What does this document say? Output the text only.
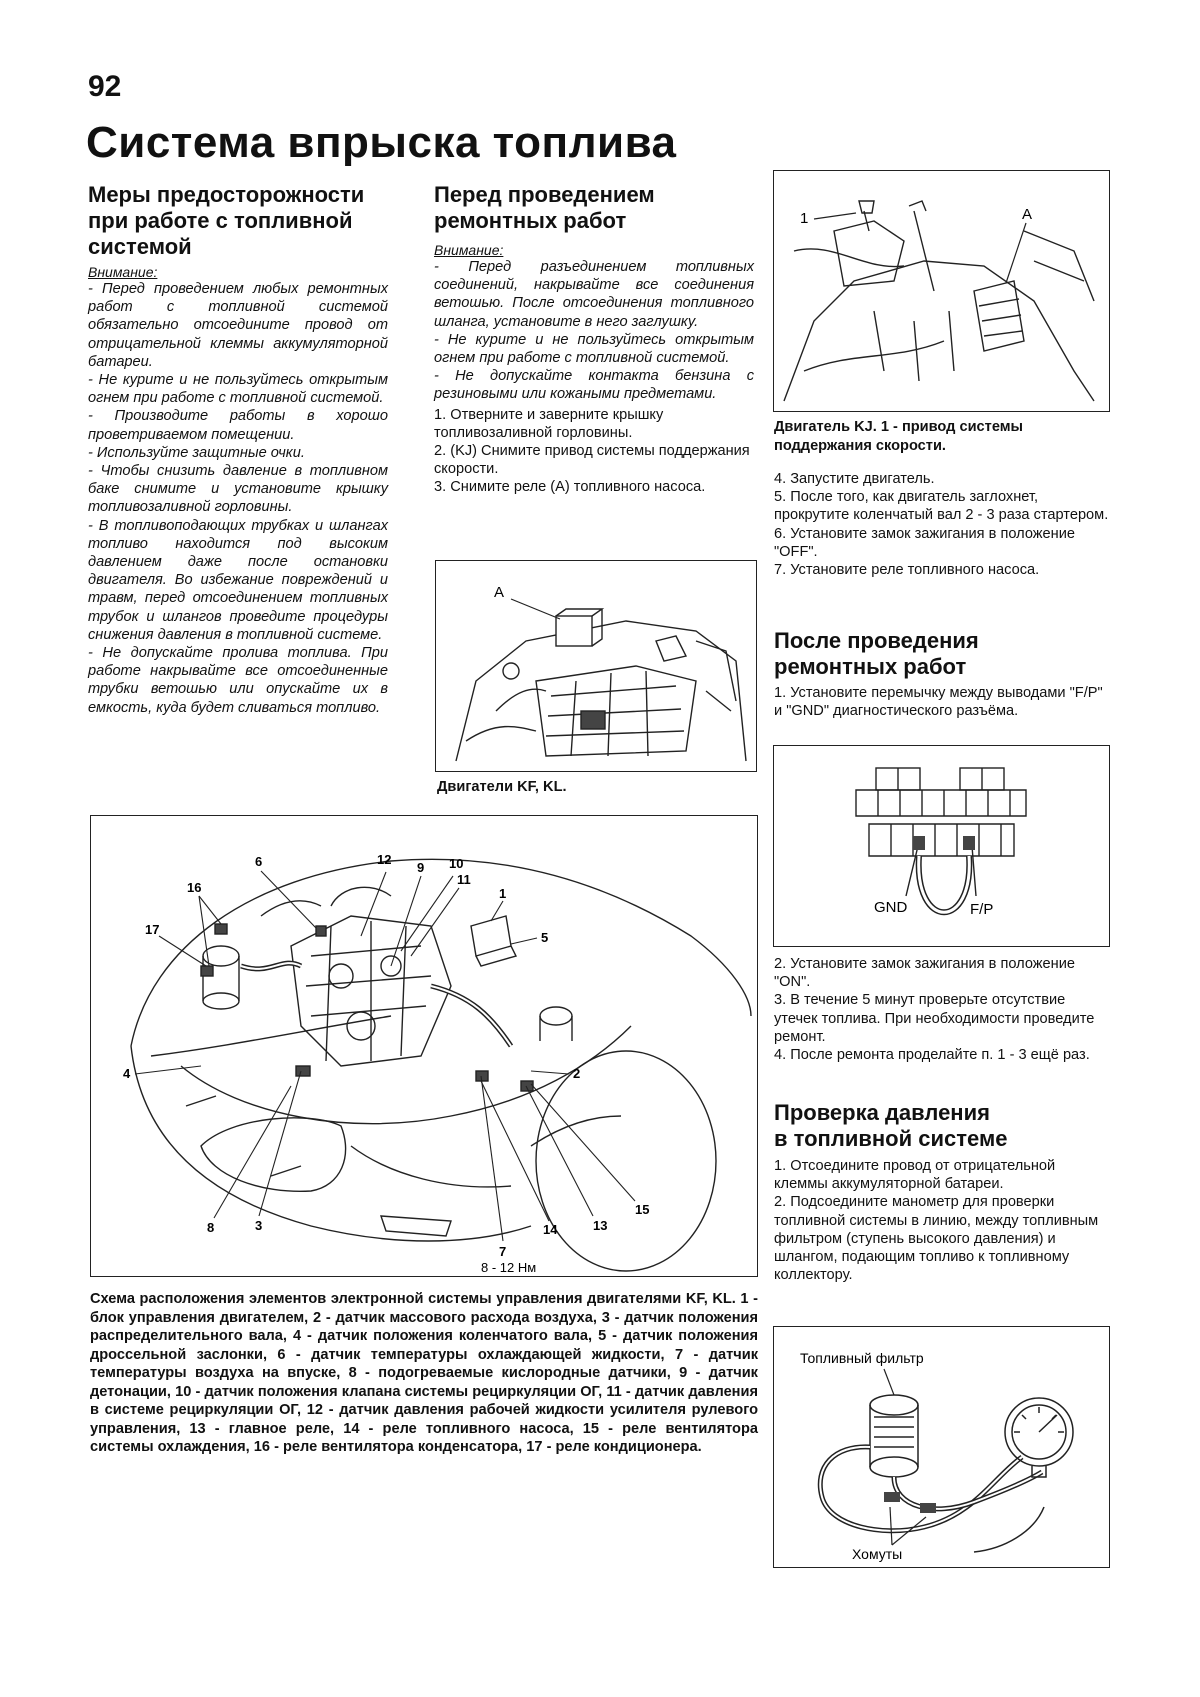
92
Система впрыска топлива
Меры предосторожности
при работе с топливной
системой
Внимание:

- Перед проведением любых ремонтных работ с топливной системой обязательно отсоедините провод от отрицательной клеммы аккумуляторной батареи.

- Не курите и не пользуйтесь открытым огнем при работе с топливной системой.

- Производите работы в хорошо проветриваемом помещении.

- Используйте защитные очки.

- Чтобы снизить давление в топливном баке снимите и установите крышку топливозаливной горловины.

- В топливоподающих трубках и шлангах топливо находится под высоким давлением даже после остановки двигателя. Во избежание повреждений и травм, перед отсоединением топливных трубок и шлангов проведите процедуры снижения давления в топливной системе.

- Не допускайте пролива топлива. При работе накрывайте все отсоединенные трубки ветошью или опускайте их в емкость, куда будет сливаться топливо.

Перед проведением
ремонтных работ
Внимание:

- Перед разъединением топливных соединений, накрывайте все соединения ветошью. После отсоединения топливного шланга, установите в него заглушку.

- Не курите и не пользуйтесь открытым огнем при работе с топливной системой.

- Не допускайте контакта бензина с резиновыми или кожаными предметами.

1. Отверните и заверните крышку топливозаливной горловины.

2. (KJ) Снимите привод системы поддержания скорости.

3. Снимите реле (А) топливного насоса.

A
Двигатели KF, KL.
1	A
Двигатель KJ. 1 - привод системы поддержания скорости.

4. Запустите двигатель.

5. После того, как двигатель заглохнет, прокрутите коленчатый вал 2 - 3 раза стартером.

6. Установите замок зажигания в положение "OFF".

7. Установите реле топливного насоса.

После проведения
ремонтных работ
1. Установите перемычку между выводами "F/P" и "GND" диагностического разъёма.
GND	F/P

2. Установите замок зажигания в положение "ON".

3. В течение 5 минут проверьте отсутствие утечек топлива. При необходимости проведите ремонт.

4. После ремонта проделайте п. 1 - 3 ещё раз.

Проверка давления
в топливной системе

1. Отсоедините провод от отрицательной клеммы аккумуляторной батареи.

2. Подсоедините манометр для проверки топливной системы в линию, между топливным фильтром (ступень высокого давления) и шлангом, подающим топливо к топливному коллектору.

Топливный фильтр
Хомуты
1
2
3
4
5
6
7
8
9 10
11
12
13
14
15
16
17
8 - 12 Нм
Схема расположения элементов электронной системы управления двигателями KF, KL. 1 - блок управления двигателем, 2 - датчик массового расхода воздуха, 3 - датчик положения распределительного вала, 4 - датчик положения коленчатого вала, 5 - датчик положения дроссельной заслонки, 6 - датчик температуры охлаждающей жидкости, 7 - датчик температуры воздуха на впуске, 8 - подогреваемые кислородные датчики, 9 - датчик детонации, 10 - датчик положения клапана системы рециркуляции ОГ, 11 - датчик давления в системе рециркуляции ОГ, 12 - датчик давления рабочей жидкости усилителя рулевого управления, 13 - главное реле, 14 - реле топливного насоса, 15 - реле вентилятора системы охлаждения, 16 - реле вентилятора конденсатора, 17 - реле кондиционера.
